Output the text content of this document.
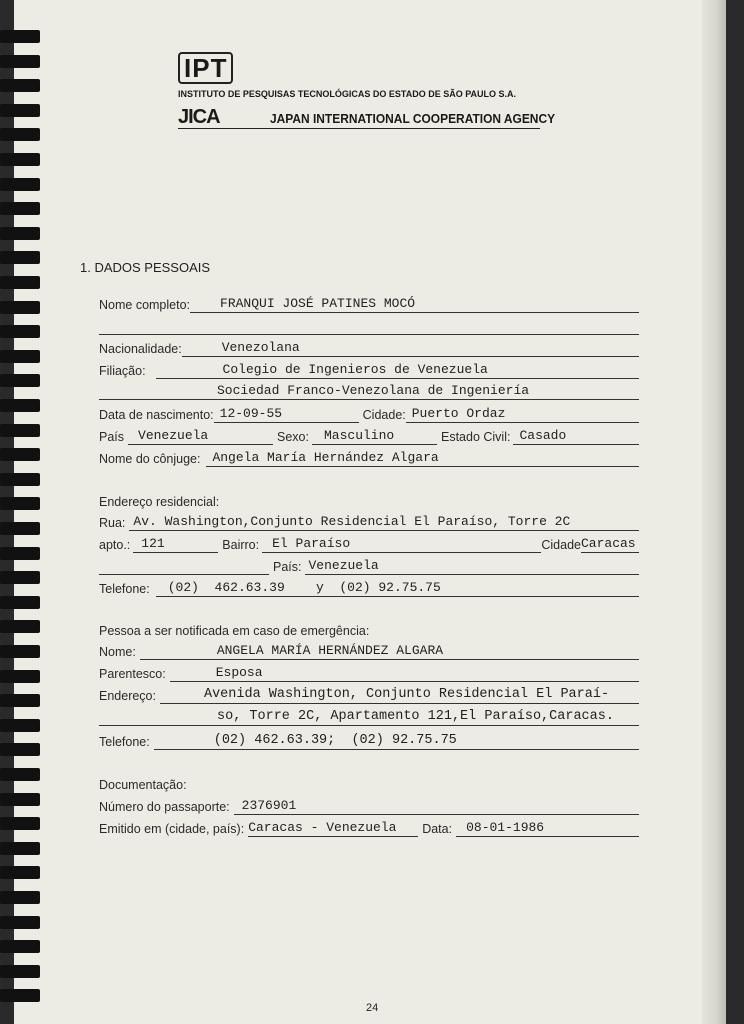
IPT
INSTITUTO DE PESQUISAS TECNOLÓGICAS DO ESTADO DE SÃO PAULO S.A.
JICA	JAPAN INTERNATIONAL COOPERATION AGENCY
1. DADOS PESSOAIS
Nome completo:	FRANQUI JOSÉ PATINES MOCÓ
Nacionalidade:	Venezolana
Filiação:	Colegio de Ingenieros de Venezuela
Sociedad Franco-Venezolana de Ingeniería
Data de nascimento: 12-09-55	Cidade: Puerto Ordaz
País	Venezuela	Sexo:	Masculino	Estado Civil: Casado
Nome do cônjuge: Angela María Hernández Algara
Endereço residencial:
Rua: Av. Washington,Conjunto Residencial El Paraíso, Torre 2C
apto.: 121	Bairro:	El Paraíso	Cidade Caracas
País: Venezuela
Telefone:	(02)  462.63.39    y  (02) 92.75.75
Pessoa a ser notificada em caso de emergência:
Nome:	ANGELA MARÍA HERNÁNDEZ ALGARA
Parentesco:	Esposa
Endereço:	Avenida Washington, Conjunto Residencial El Paraí-
so, Torre 2C, Apartamento 121,El Paraíso,Caracas.
Telefone:	(02) 462.63.39;  (02) 92.75.75
Documentação:
Número do passaporte: 2376901
Emitido em (cidade, país): Caracas - Venezuela Data:	08-01-1986
24
